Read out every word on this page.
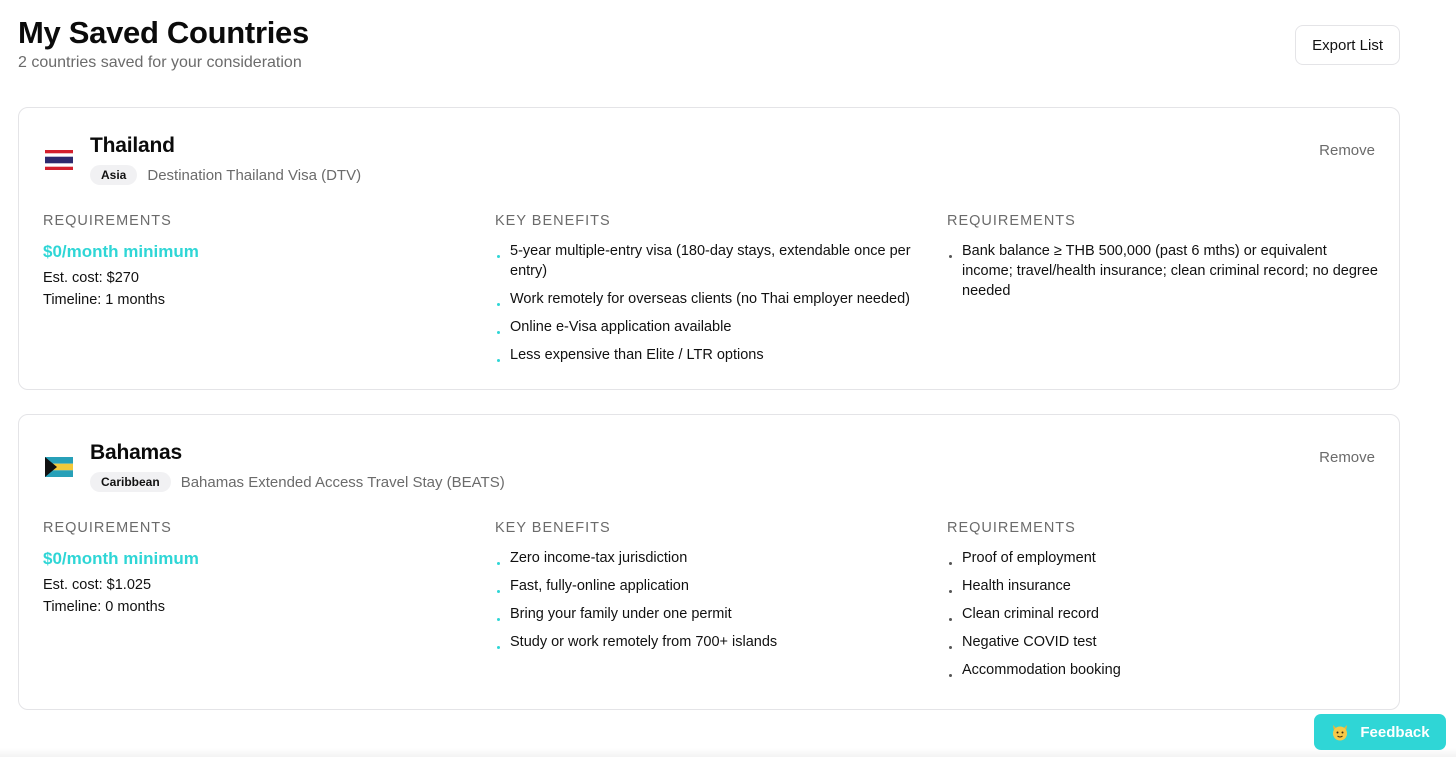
My Saved Countries

2 countries saved for your consideration

Export List
Thailand
Asia	Destination Thailand Visa (DTV)
Remove
REQUIREMENTS
$0/month minimum
Est. cost: $270
Timeline: 1 months
KEY BENEFITS
5-year multiple-entry visa (180-day stays, extendable once per entry)
Work remotely for overseas clients (no Thai employer needed)
Online e-Visa application available
Less expensive than Elite / LTR options
REQUIREMENTS
Bank balance ≥ THB 500,000 (past 6 mths) or equivalent income; travel/health insurance; clean criminal record; no degree needed
Bahamas
Caribbean	Bahamas Extended Access Travel Stay (BEATS)
Remove
REQUIREMENTS
$0/month minimum
Est. cost: $1.025
Timeline: 0 months
KEY BENEFITS
Zero income-tax jurisdiction
Fast, fully-online application
Bring your family under one permit
Study or work remotely from 700+ islands
REQUIREMENTS
Proof of employment
Health insurance
Clean criminal record
Negative COVID test
Accommodation booking
Feedback
